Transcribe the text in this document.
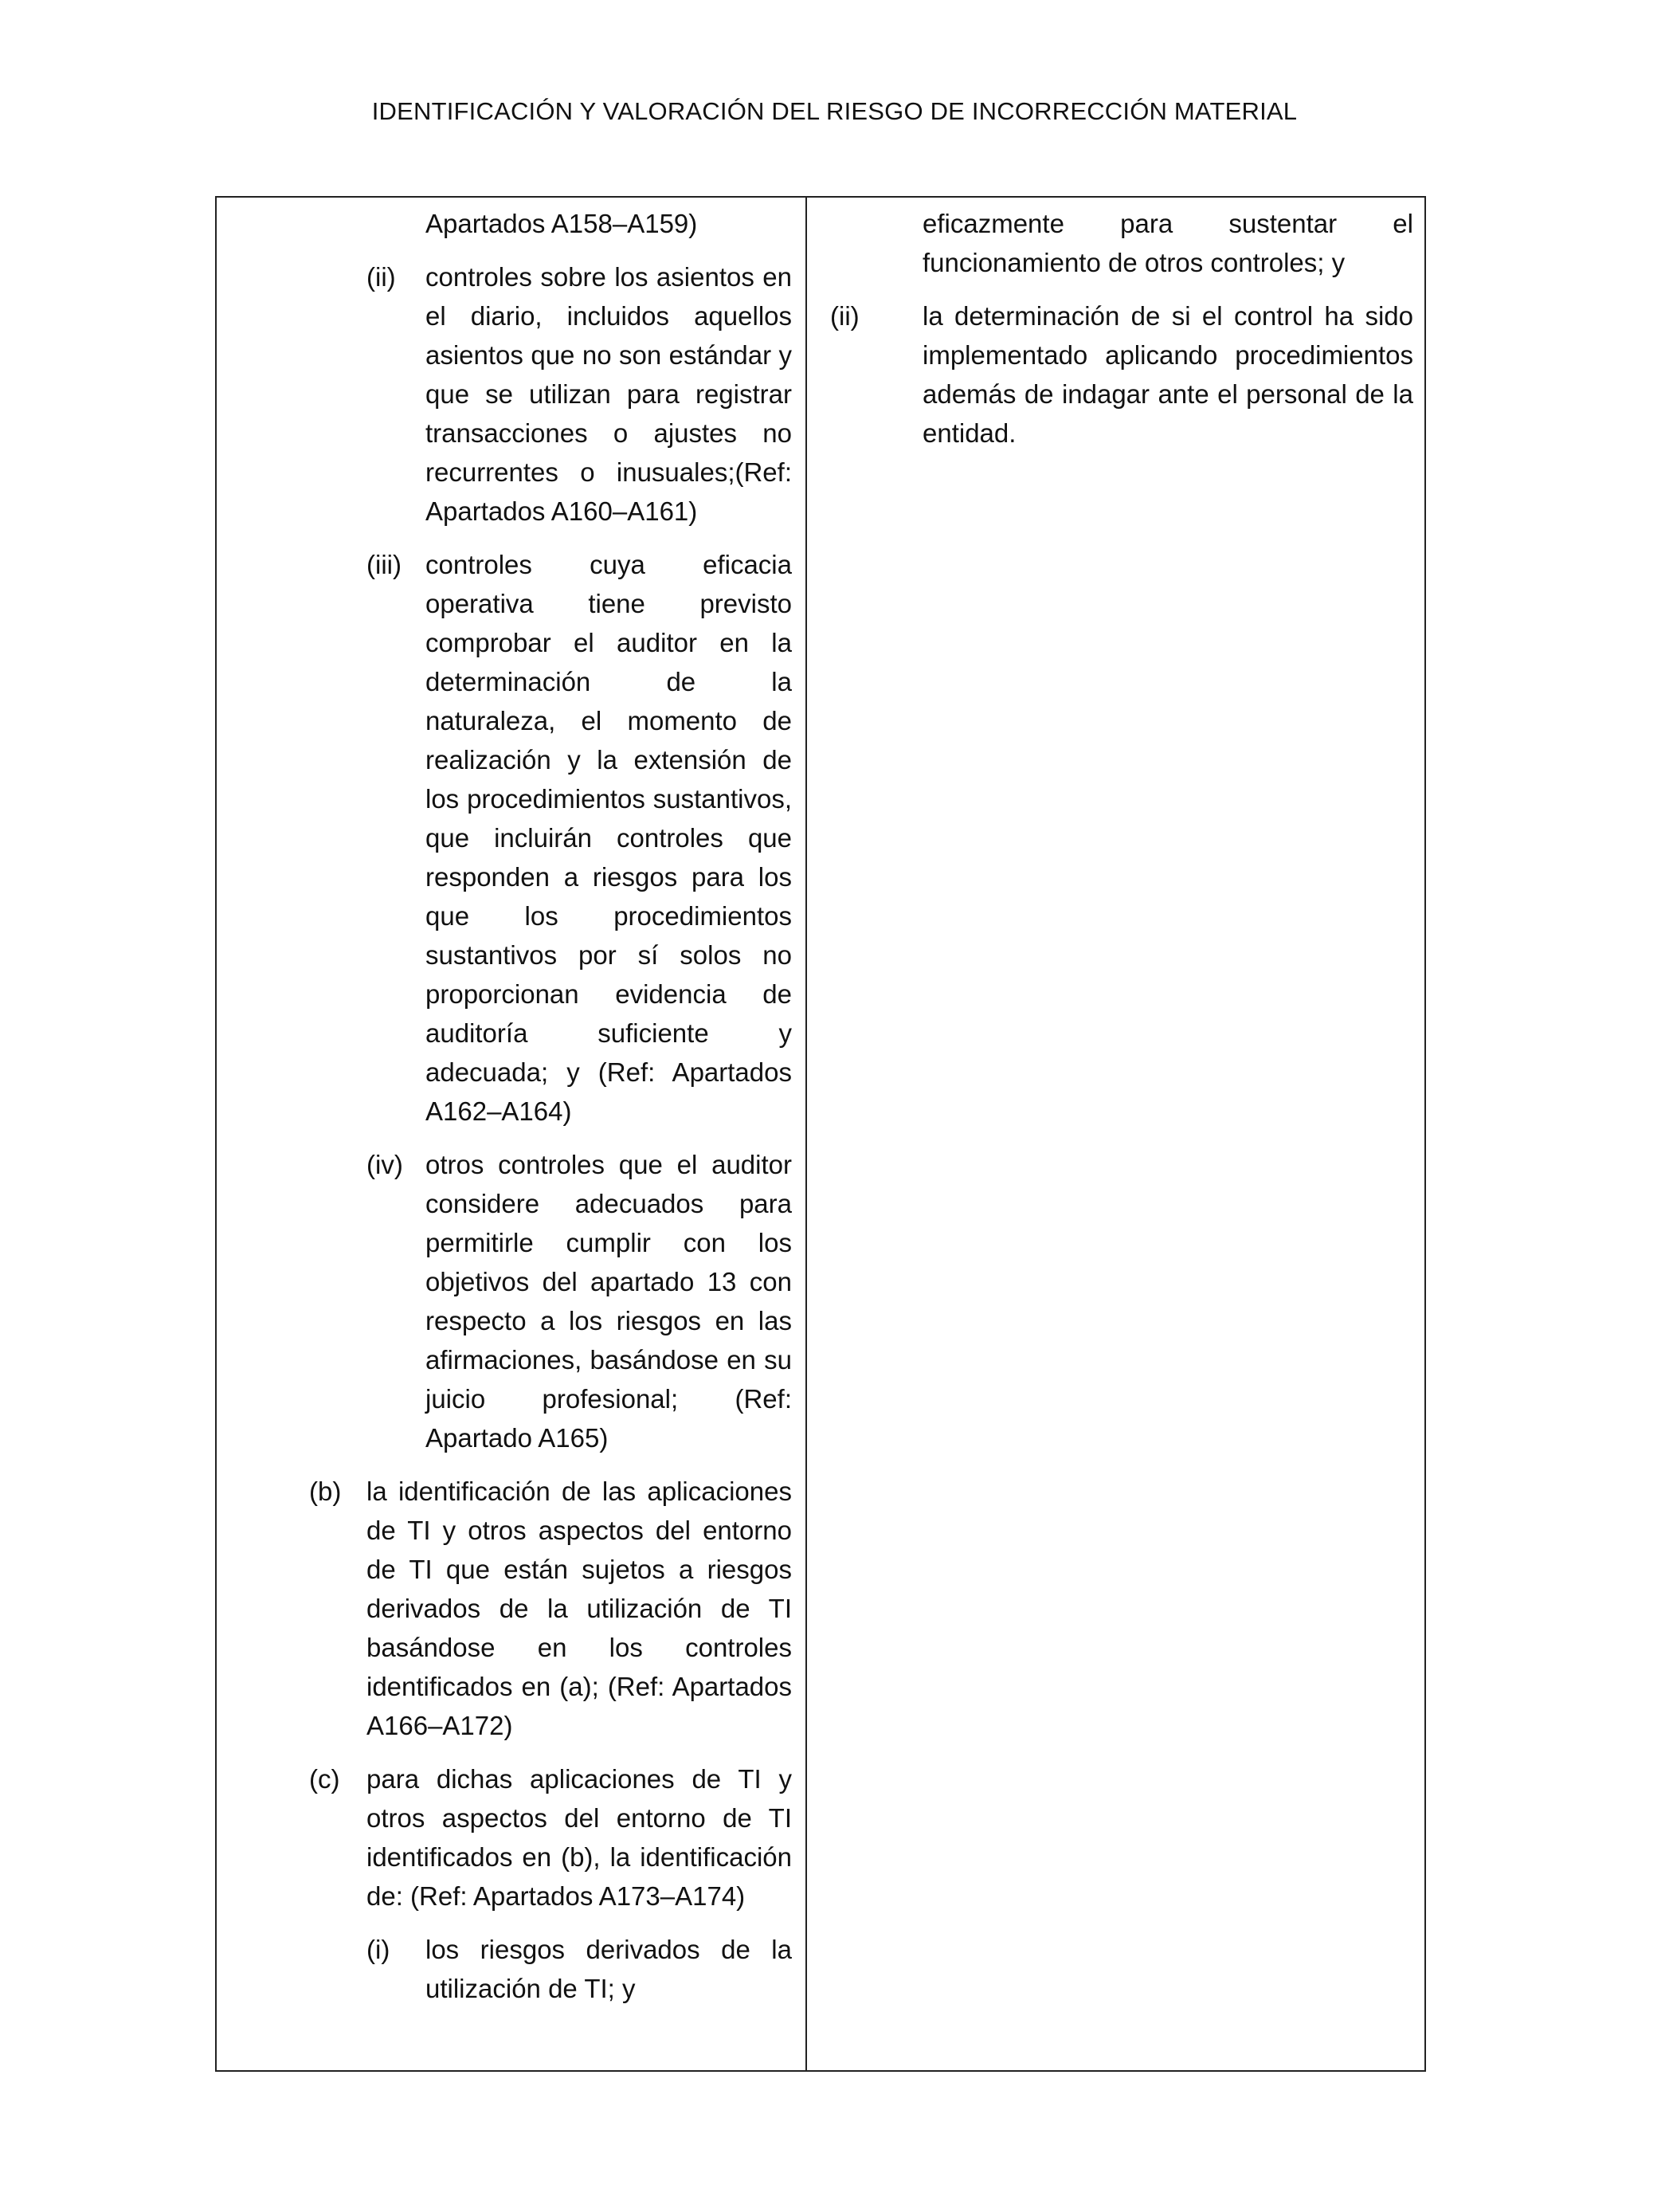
IDENTIFICACIÓN Y VALORACIÓN DEL RIESGO DE INCORRECCIÓN MATERIAL
Apartados A158–A159)
(ii) controles sobre los asientos en el diario, incluidos aquellos asientos que no son estándar y que se utilizan para registrar transacciones o ajustes no recurrentes o inusuales;(Ref: Apartados A160–A161)
(iii) controles cuya eficacia operativa tiene previsto comprobar el auditor en la determinación de la naturaleza, el momento de realización y la extensión de los procedimientos sustantivos, que incluirán controles que responden a riesgos para los que los procedimientos sustantivos por sí solos no proporcionan evidencia de auditoría suficiente y adecuada; y (Ref: Apartados A162–A164)
(iv) otros controles que el auditor considere adecuados para permitirle cumplir con los objetivos del apartado 13 con respecto a los riesgos en las afirmaciones, basándose en su juicio profesional; (Ref: Apartado A165)
(b) la identificación de las aplicaciones de TI y otros aspectos del entorno de TI que están sujetos a riesgos derivados de la utilización de TI basándose en los controles identificados en (a); (Ref: Apartados A166–A172)
(c) para dichas aplicaciones de TI y otros aspectos del entorno de TI identificados en (b), la identificación de: (Ref: Apartados A173–A174)
(i) los riesgos derivados de la utilización de TI; y
eficazmente para sustentar el funcionamiento de otros controles; y
(ii) la determinación de si el control ha sido implementado aplicando procedimientos además de indagar ante el personal de la entidad.
